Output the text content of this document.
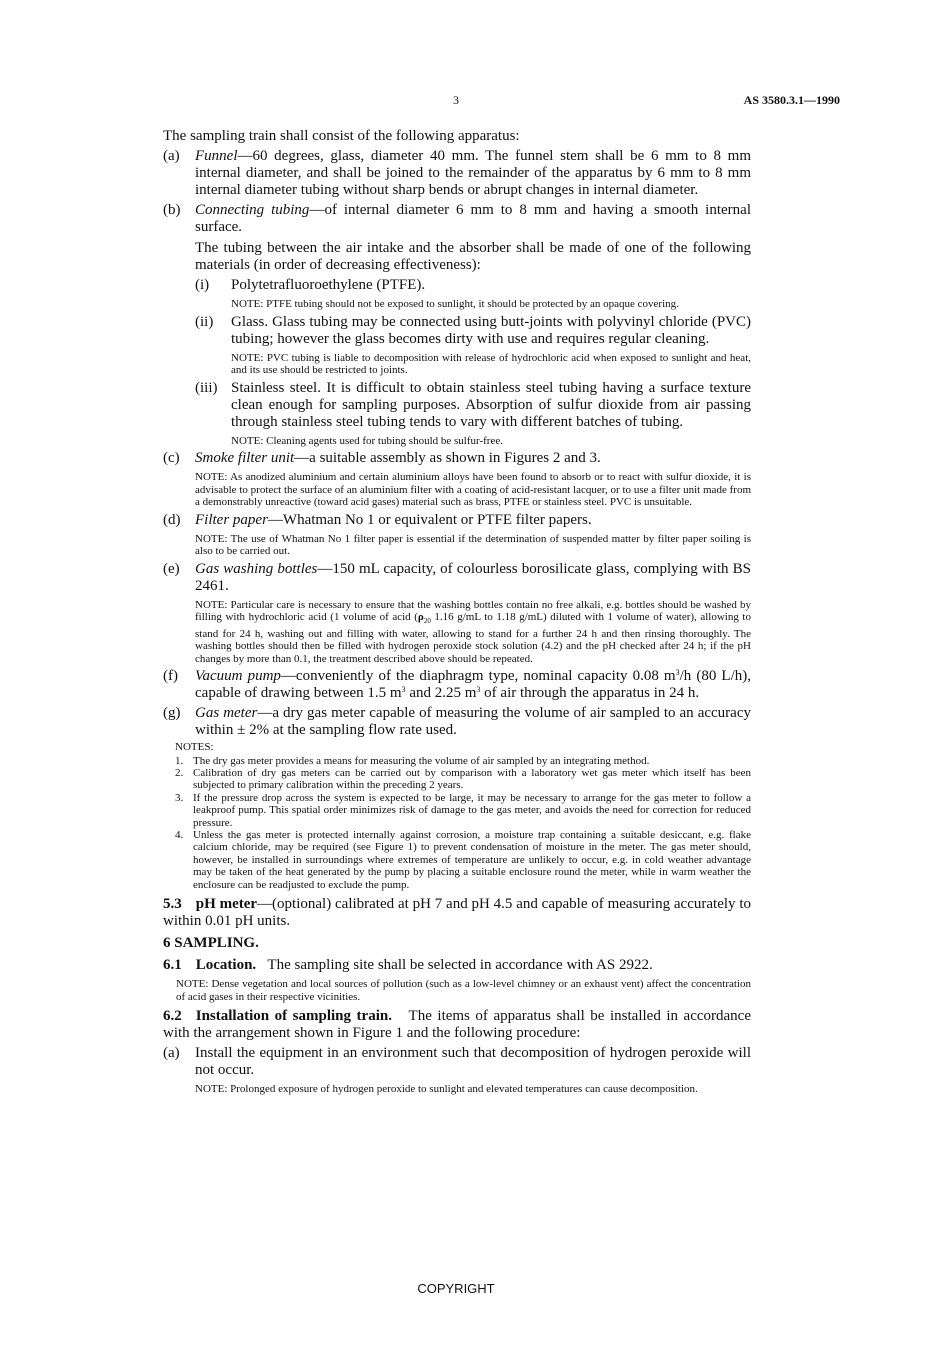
3	AS 3580.3.1—1990

The sampling train shall consist of the following apparatus:

(a) Funnel—60 degrees, glass, diameter 40 mm. The funnel stem shall be 6 mm to 8 mm internal diameter, and shall be joined to the remainder of the apparatus by 6 mm to 8 mm internal diameter tubing without sharp bends or abrupt changes in internal diameter.
(b) Connecting tubing—of internal diameter 6 mm to 8 mm and having a smooth internal surface.
The tubing between the air intake and the absorber shall be made of one of the following materials (in order of decreasing effectiveness):
(i) Polytetrafluoroethylene (PTFE).
NOTE: PTFE tubing should not be exposed to sunlight, it should be protected by an opaque covering.
(ii) Glass. Glass tubing may be connected using butt-joints with polyvinyl chloride (PVC) tubing; however the glass becomes dirty with use and requires regular cleaning.
NOTE: PVC tubing is liable to decomposition with release of hydrochloric acid when exposed to sunlight and heat, and its use should be restricted to joints.
(iii) Stainless steel. It is difficult to obtain stainless steel tubing having a surface texture clean enough for sampling purposes. Absorption of sulfur dioxide from air passing through stainless steel tubing tends to vary with different batches of tubing.
NOTE: Cleaning agents used for tubing should be sulfur-free.
(c) Smoke filter unit—a suitable assembly as shown in Figures 2 and 3.
NOTE: As anodized aluminium and certain aluminium alloys have been found to absorb or to react with sulfur dioxide, it is advisable to protect the surface of an aluminium filter with a coating of acid-resistant lacquer, or to use a filter unit made from a demonstrably unreactive (toward acid gases) material such as brass, PTFE or stainless steel. PVC is unsuitable.
(d) Filter paper—Whatman No 1 or equivalent or PTFE filter papers.
NOTE: The use of Whatman No 1 filter paper is essential if the determination of suspended matter by filter paper soiling is also to be carried out.
(e) Gas washing bottles—150 mL capacity, of colourless borosilicate glass, complying with BS 2461.
NOTE: Particular care is necessary to ensure that the washing bottles contain no free alkali, e.g. bottles should be washed by filling with hydrochloric acid (1 volume of acid ($\rho_{20}$ 1.16 g/mL to 1.18 g/mL) diluted with 1 volume of water), allowing to stand for 24 h, washing out and filling with water, allowing to stand for a further 24 h and then rinsing thoroughly. The washing bottles should then be filled with hydrogen peroxide stock solution (4.2) and the pH checked after 24 h; if the pH changes by more than 0.1, the treatment described above should be repeated.
(f) Vacuum pump—conveniently of the diaphragm type, nominal capacity 0.08 $m^3/h$ (80 L/h), capable of drawing between 1.5 $m^3$ and 2.25 $m^3$ of air through the apparatus in 24 h.
(g) Gas meter—a dry gas meter capable of measuring the volume of air sampled to an accuracy within ± 2% at the sampling flow rate used.
NOTES:
1. The dry gas meter provides a means for measuring the volume of air sampled by an integrating method.
2. Calibration of dry gas meters can be carried out by comparison with a laboratory wet gas meter which itself has been subjected to primary calibration within the preceding 2 years.
3. If the pressure drop across the system is expected to be large, it may be necessary to arrange for the gas meter to follow a leakproof pump. This spatial order minimizes risk of damage to the gas meter, and avoids the need for correction for reduced pressure.
4. Unless the gas meter is protected internally against corrosion, a moisture trap containing a suitable desiccant, e.g. flake calcium chloride, may be required (see Figure 1) to prevent condensation of moisture in the meter. The gas meter should, however, be installed in surroundings where extremes of temperature are unlikely to occur, e.g. in cold weather advantage may be taken of the heat generated by the pump by placing a suitable enclosure round the meter, while in warm weather the enclosure can be readjusted to exclude the pump.
5.3 pH meter—(optional) calibrated at pH 7 and pH 4.5 and capable of measuring accurately to within 0.01 pH units.
6 SAMPLING.
6.1 Location. The sampling site shall be selected in accordance with AS 2922.
NOTE: Dense vegetation and local sources of pollution (such as a low-level chimney or an exhaust vent) affect the concentration of acid gases in their respective vicinities.
6.2 Installation of sampling train. The items of apparatus shall be installed in accordance with the arrangement shown in Figure 1 and the following procedure:
(a) Install the equipment in an environment such that decomposition of hydrogen peroxide will not occur.
NOTE: Prolonged exposure of hydrogen peroxide to sunlight and elevated temperatures can cause decomposition.
COPYRIGHT
